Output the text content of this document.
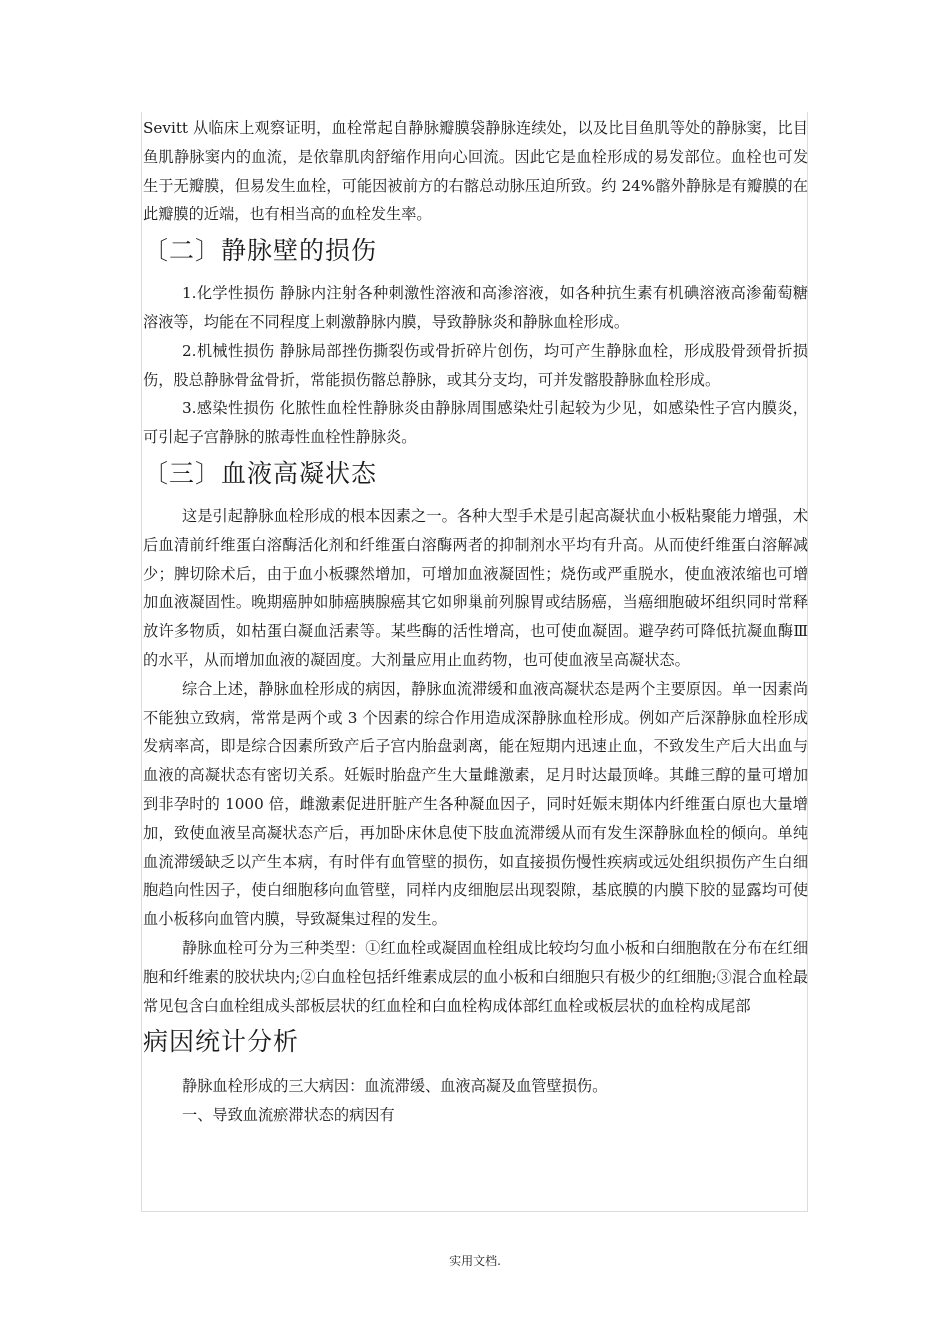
Sevitt 从临床上观察证明，血栓常起自静脉瓣膜袋静脉连续处，以及比目鱼肌等处的静脉窦，比目鱼肌静脉窦内的血流，是依靠肌肉舒缩作用向心回流。因此它是血栓形成的易发部位。血栓也可发生于无瓣膜，但易发生血栓，可能因被前方的右髂总动脉压迫所致。约 24%髂外静脉是有瓣膜的在此瓣膜的近端，也有相当高的血栓发生率。

〔二〕静脉壁的损伤

1.化学性损伤 静脉内注射各种刺激性溶液和高渗溶液，如各种抗生素有机碘溶液高渗葡萄糖溶液等，均能在不同程度上刺激静脉内膜，导致静脉炎和静脉血栓形成。

2.机械性损伤 静脉局部挫伤撕裂伤或骨折碎片创伤，均可产生静脉血栓，形成股骨颈骨折损伤，股总静脉骨盆骨折，常能损伤髂总静脉，或其分支均，可并发髂股静脉血栓形成。

3.感染性损伤 化脓性血栓性静脉炎由静脉周围感染灶引起较为少见，如感染性子宫内膜炎，可引起子宫静脉的脓毒性血栓性静脉炎。

〔三〕血液高凝状态

这是引起静脉血栓形成的根本因素之一。各种大型手术是引起高凝状血小板粘聚能力增强，术后血清前纤维蛋白溶酶活化剂和纤维蛋白溶酶两者的抑制剂水平均有升高。从而使纤维蛋白溶解减少；脾切除术后，由于血小板骤然增加，可增加血液凝固性；烧伤或严重脱水，使血液浓缩也可增加血液凝固性。晚期癌肿如肺癌胰腺癌其它如卵巢前列腺胃或结肠癌，当癌细胞破坏组织同时常释放许多物质，如枯蛋白凝血活素等。某些酶的活性增高，也可使血凝固。避孕药可降低抗凝血酶Ⅲ的水平，从而增加血液的凝固度。大剂量应用止血药物，也可使血液呈高凝状态。

综合上述，静脉血栓形成的病因，静脉血流滞缓和血液高凝状态是两个主要原因。单一因素尚不能独立致病，常常是两个或 3 个因素的综合作用造成深静脉血栓形成。例如产后深静脉血栓形成发病率高，即是综合因素所致产后子宫内胎盘剥离，能在短期内迅速止血，不致发生产后大出血与血液的高凝状态有密切关系。妊娠时胎盘产生大量雌激素，足月时达最顶峰。其雌三醇的量可增加到非孕时的 1000 倍，雌激素促进肝脏产生各种凝血因子，同时妊娠末期体内纤维蛋白原也大量增加，致使血液呈高凝状态产后，再加卧床休息使下肢血流滞缓从而有发生深静脉血栓的倾向。单纯血流滞缓缺乏以产生本病，有时伴有血管壁的损伤，如直接损伤慢性疾病或远处组织损伤产生白细胞趋向性因子，使白细胞移向血管壁，同样内皮细胞层出现裂隙，基底膜的内膜下胶的显露均可使血小板移向血管内膜，导致凝集过程的发生。

静脉血栓可分为三种类型：①红血栓或凝固血栓组成比较均匀血小板和白细胞散在分布在红细胞和纤维素的胶状块内;②白血栓包括纤维素成层的血小板和白细胞只有极少的红细胞;③混合血栓最常见包含白血栓组成头部板层状的红血栓和白血栓构成体部红血栓或板层状的血栓构成尾部

病因统计分析

静脉血栓形成的三大病因：血流滞缓、血液高凝及血管壁损伤。

一、导致血流瘀滞状态的病因有

实用文档.
